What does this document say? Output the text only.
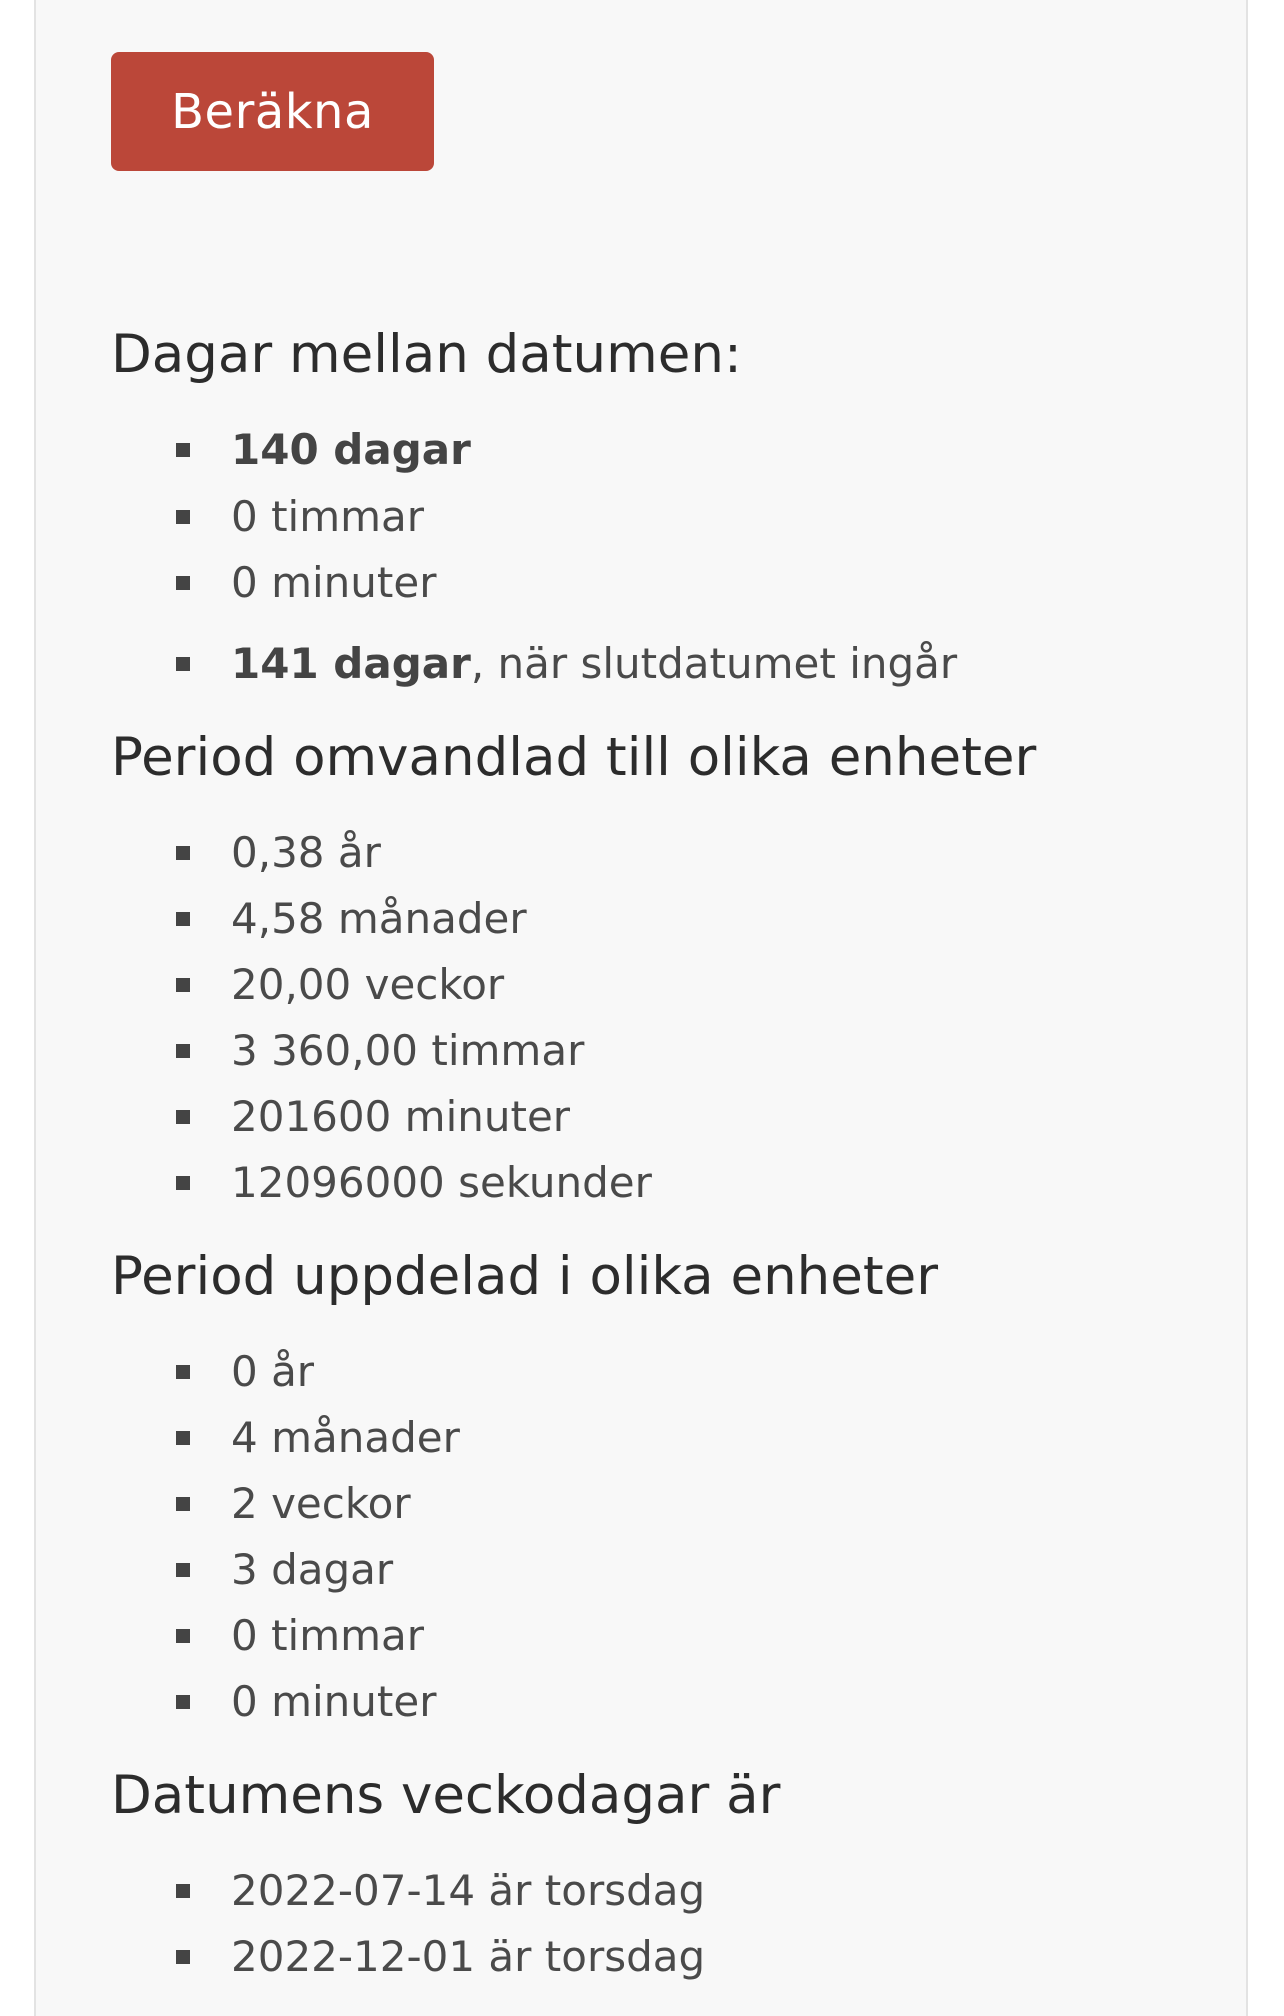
Beräkna
Dagar mellan datumen:
140 dagar
0 timmar
0 minuter
141 dagar , när slutdatumet ingår
Period omvandlad till olika enheter
0,38 år
4,58 månader
20,00 veckor
3 360,00 timmar
201600 minuter
12096000 sekunder
Period uppdelad i olika enheter
0 år
4 månader
2 veckor
3 dagar
0 timmar
0 minuter
Datumens veckodagar är
2022-07-14 är torsdag
2022-12-01 är torsdag
